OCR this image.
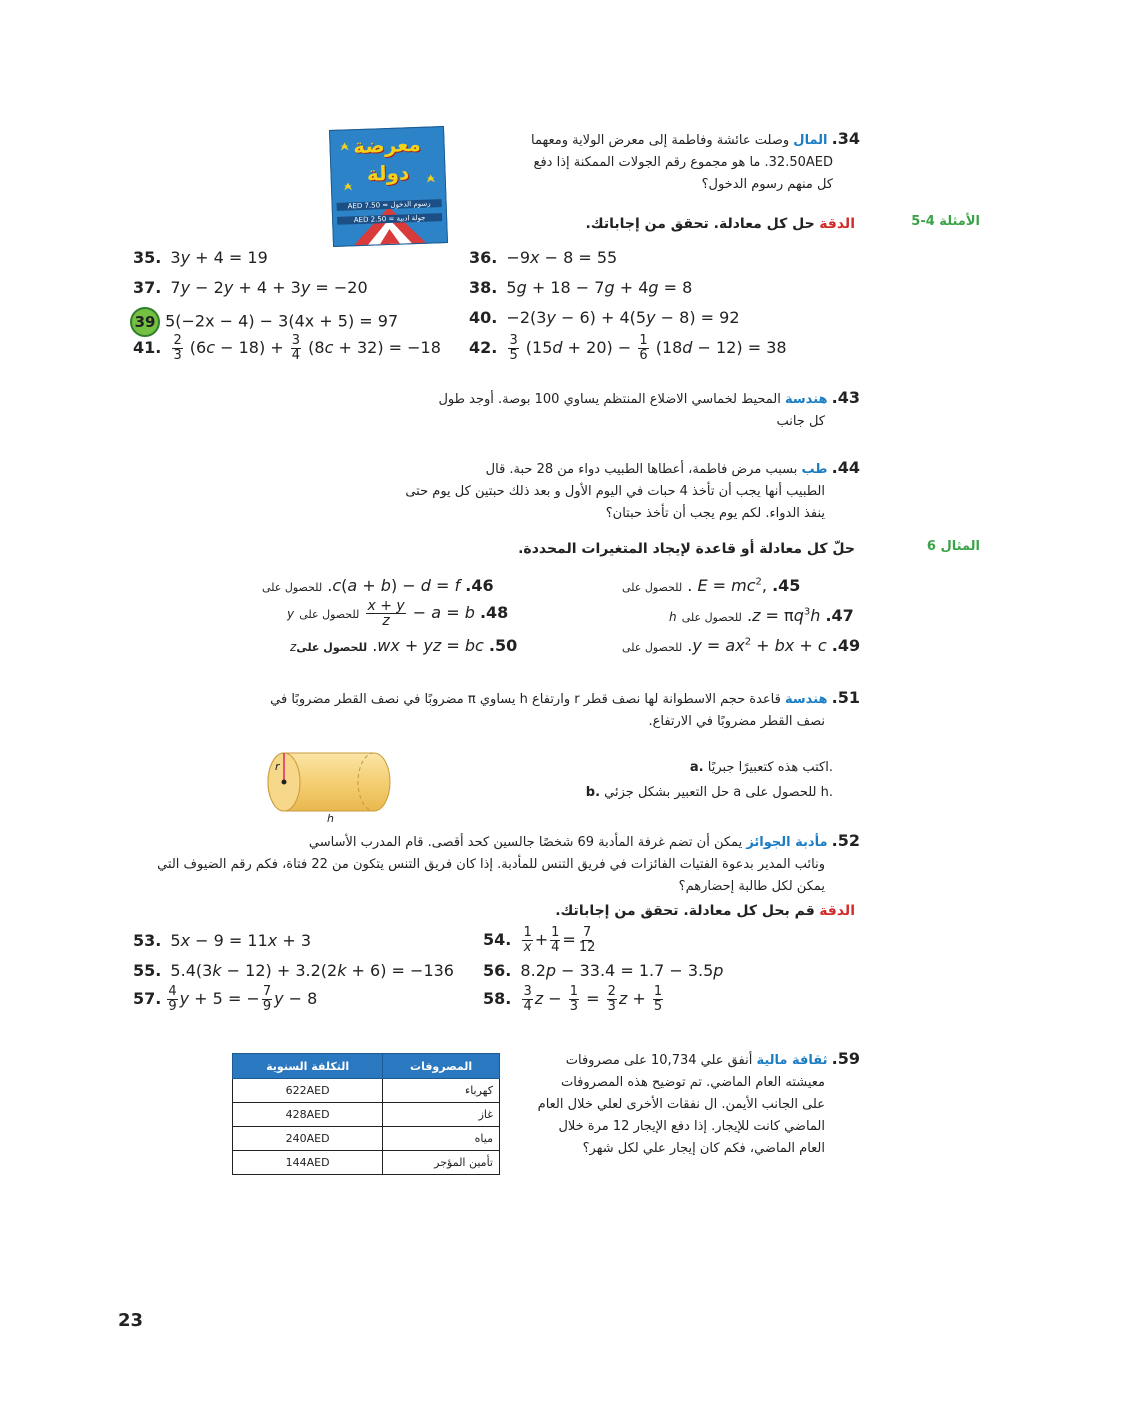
معرضة
دولة
AED 7.50 = رسوم الدخول
AED 2.50 = جولة ادبية
34. المال وصلت عائشة وفاطمة إلى معرض الولاية ومعهما
32.50AED. ما هو مجموع رقم الجولات الممكنة إذا دفع
كل منهم رسوم الدخول؟
الأمثلة 4-5
الدقة حل كل معادلة. تحقق من إجاباتك.
35. 3y + 4 = 19	36. −9x − 8 = 55
37. 7y − 2y + 4 + 3y = −20	38. 5g + 18 − 7g + 4g = 8
39 5(−2x − 4) − 3(4x + 5) = 97	40. −2(3y − 6) + 4(5y − 8) = 92
41. $\frac{2}{3} (6c - 18) + \frac{3}{4} (8c + 32) = -18$ 42. $\frac{3}{5} (15d + 20) - \frac{1}{6} (18d - 12) = 38$
43. هندسة المحيط لخماسي الاضلاع المنتظم يساوي 100 بوصة. أوجد طول
كل جانب
44. طب بسبب مرض فاطمة، أعطاها الطبيب دواء من 28 حبة. قال
الطبيب أنها يجب أن تأخذ 4 حبات في اليوم الأول و بعد ذلك حبتين كل يوم حتى
ينفذ الدواء. لكم يوم يجب أن تأخذ حبتان؟
المثال 6
حلّ كل معادلة أو قاعدة لإيجاد المتغيرات المحددة.
للحصول على . $E = mc^2$, .45
للحصول على .c(a + b) − d = f .46
h للحصول على $.z = \pi q^3h$ .47
y للحصول على $\frac{x + y}{z} - a = b$ .48
للحصول على $.y = ax^2$ + bx + c .49
zللحصول على .wx + yz = bc .50
51. هندسة قاعدة حجم الاسطوانة لها نصف قطر r وارتفاع h يساوي π مضروبًا في نصف القطر مضروبًا في
نصف القطر مضروبًا في الارتفاع.
a. اكتب هذه كتعبيرًا جبريًا.
b. حل التعبير بشكل جزئي a للحصول على h.
r
h
52. مأدبة الجوائز يمكن أن تضم غرفة المأدبة 69 شخصًا جالسين كحد أقصى. قام المدرب الأساسي
ونائب المدير بدعوة الفتيات الفائزات في فريق التنس للمأدبة. إذا كان فريق التنس يتكون من 22 فتاة، فكم رقم الضيوف التي
يمكن لكل طالبة إحضارهم؟
الدقة قم بحل كل معادلة. تحقق من إجاباتك.
53. 5x − 9 = 11x + 3	54. $\frac{1}{x} + \frac{1}{4} = \frac{7}{12}$
55. 5.4(3k − 12) + 3.2(2k + 6) = −136 56. 8.2p − 33.4 = 1.7 − 3.5p
57. $\frac{4}{9}$ y + 5 = − $\frac{7}{9}$ y − 8	58. $\frac{3}{4}$ $z - \frac{1}{3} = \frac{2}{3}$ $z + \frac{1}{5}$
59. ثقافة مالية أنفق علي 10,734 على مصروفات
معيشته العام الماضي. تم توضيح هذه المصروفات
على الجانب الأيمن. ال نفقات الأخرى لعلي خلال العام
الماضي كانت للإيجار. إذا دفع الإيجار 12 مرة خلال
العام الماضي، فكم كان إيجار علي لكل شهر؟
التكلفة السنوية	المصروفات
622AED	كهرباء
428AED	غاز
240AED	مياه
144AED	تأمين المؤجر
23
